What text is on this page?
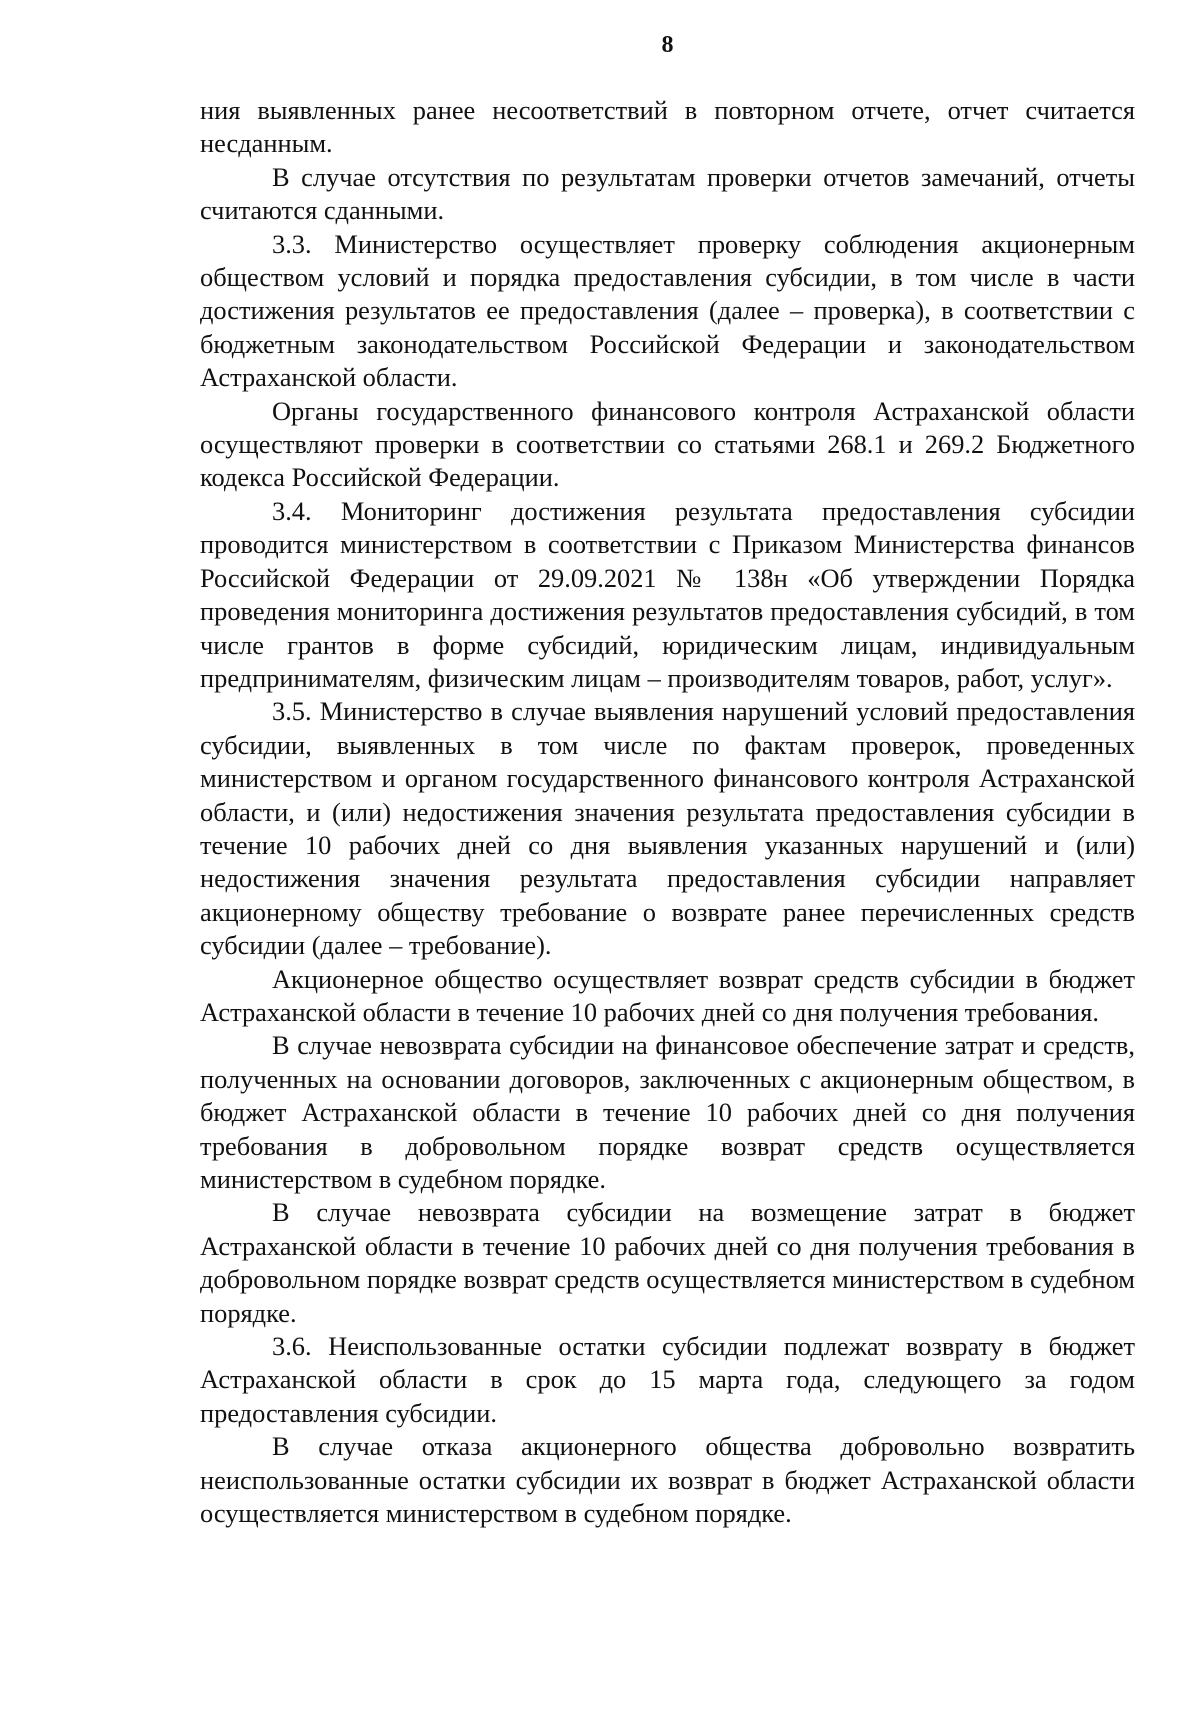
8

ния выявленных ранее несоответствий в повторном отчете, отчет считается несданным.

В случае отсутствия по результатам проверки отчетов замечаний, отчеты считаются сданными.

3.3. Министерство осуществляет проверку соблюдения акционерным обществом условий и порядка предоставления субсидии, в том числе в части достижения результатов ее предоставления (далее – проверка), в соответствии с бюджетным законодательством Российской Федерации и законодательством Астраханской области.

Органы государственного финансового контроля Астраханской области осуществляют проверки в соответствии со статьями 268.1 и 269.2 Бюджетного кодекса Российской Федерации.

3.4. Мониторинг достижения результата предоставления субсидии проводится министерством в соответствии с Приказом Министерства финансов Российской Федерации от 29.09.2021 № 138н «Об утверждении Порядка проведения мониторинга достижения результатов предоставления субсидий, в том числе грантов в форме субсидий, юридическим лицам, индивидуальным предпринимателям, физическим лицам – производителям товаров, работ, услуг».

3.5. Министерство в случае выявления нарушений условий предоставления субсидии, выявленных в том числе по фактам проверок, проведенных министерством и органом государственного финансового контроля Астраханской области, и (или) недостижения значения результата предоставления субсидии в течение 10 рабочих дней со дня выявления указанных нарушений и (или) недостижения значения результата предоставления субсидии направляет акционерному обществу требование о возврате ранее перечисленных средств субсидии (далее – требование).

Акционерное общество осуществляет возврат средств субсидии в бюджет Астраханской области в течение 10 рабочих дней со дня получения требования.

В случае невозврата субсидии на финансовое обеспечение затрат и средств, полученных на основании договоров, заключенных с акционерным обществом, в бюджет Астраханской области в течение 10 рабочих дней со дня получения требования в добровольном порядке возврат средств осуществляется министерством в судебном порядке.

В случае невозврата субсидии на возмещение затрат в бюджет Астраханской области в течение 10 рабочих дней со дня получения требования в добровольном порядке возврат средств осуществляется министерством в судебном порядке.

3.6. Неиспользованные остатки субсидии подлежат возврату в бюджет Астраханской области в срок до 15 марта года, следующего за годом предоставления субсидии.

В случае отказа акционерного общества добровольно возвратить неиспользованные остатки субсидии их возврат в бюджет Астраханской области осуществляется министерством в судебном порядке.
